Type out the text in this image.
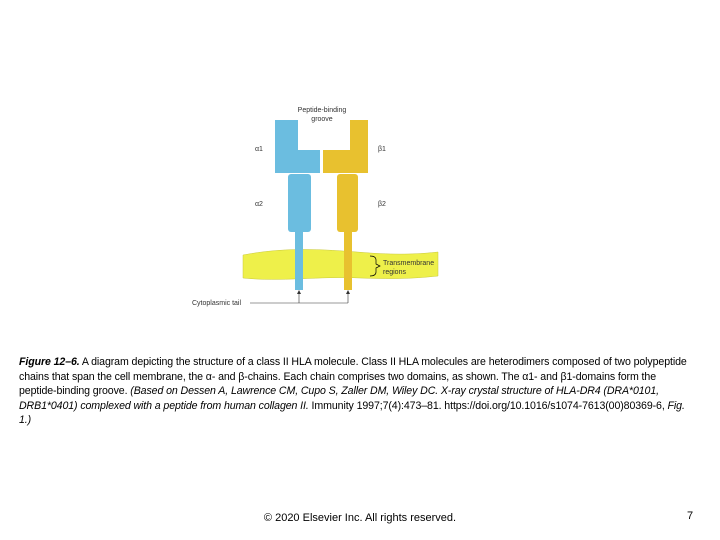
Peptide-binding
groove
α1
α2
β1
β2
Transmembrane
regions
Cytoplasmic tail
Figure 12–6. A diagram depicting the structure of a class II HLA molecule. Class II HLA molecules are heterodimers composed of two polypeptide chains that span the cell membrane, the α- and β-chains. Each chain comprises two domains, as shown. The α1- and β1-domains form the peptide-binding groove. (Based on Dessen A, Lawrence CM, Cupo S, Zaller DM, Wiley DC. X-ray crystal structure of HLA-DR4 (DRA*0101, DRB1*0401) complexed with a peptide from human collagen II. Immunity 1997;7(4):473–81. https://doi.org/10.1016/s1074-7613(00)80369-6, Fig. 1.)
© 2020 Elsevier Inc. All rights reserved.	7
